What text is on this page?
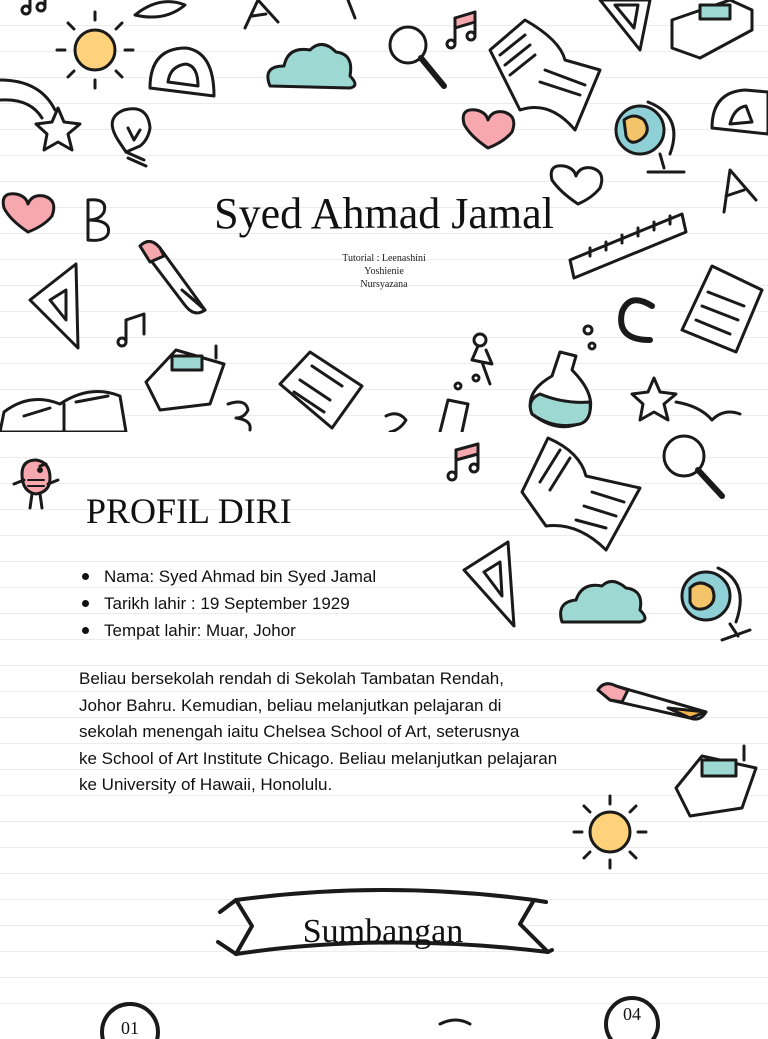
Syed Ahmad Jamal
Tutorial : Leenashini
Yoshienie
Nursyazana
PROFIL DIRI
Nama: Syed Ahmad bin Syed Jamal
Tarikh lahir : 19 September 1929
Tempat lahir: Muar, Johor
Beliau bersekolah rendah di Sekolah Tambatan Rendah,
Johor Bahru. Kemudian, beliau melanjutkan pelajaran di
sekolah menengah iaitu Chelsea School of Art, seterusnya
ke School of Art Institute Chicago. Beliau melanjutkan pelajaran
ke University of Hawaii, Honolulu.
Sumbangan
01
04
